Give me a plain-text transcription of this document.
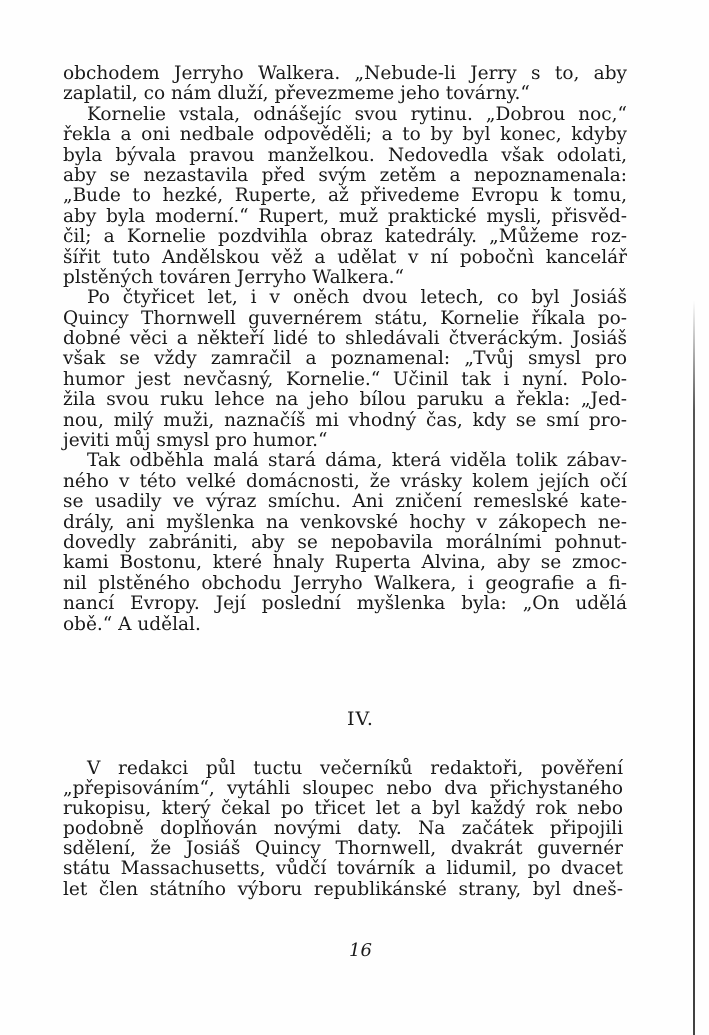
obchodem Jerryho Walkera. „Nebude-li Jerry s to, aby
zaplatil, co nám dluží, převezmeme jeho továrny.“
Kornelie vstala, odnášejíc svou rytinu. „Dobrou noc,“
řekla a oni nedbale odpověděli; a to by byl konec, kdyby
byla bývala pravou manželkou. Nedovedla však odolati,
aby se nezastavila před svým zetěm a nepoznamenala:
„Bude to hezké, Ruperte, až přivedeme Evropu k tomu,
aby byla moderní.“ Rupert, muž praktické mysli, přisvěd-
čil; a Kornelie pozdvihla obraz katedrály. „Můžeme roz-
šířit tuto Andělskou věž a udělat v ní pobočnì kancelář
plstěných továren Jerryho Walkera.“
Po čtyřicet let, i v oněch dvou letech, co byl Josiáš
Quincy Thornwell guvernérem státu, Kornelie říkala po-
dobné věci a někteří lidé to shledávali čtveráckým. Josiáš
však se vždy zamračil a poznamenal: „Tvůj smysl pro
humor jest nevčasný, Kornelie.“ Učinil tak i nyní. Polo-
žila svou ruku lehce na jeho bílou paruku a řekla: „Jed-
nou, milý muži, naznačíš mi vhodný čas, kdy se smí pro-
jeviti můj smysl pro humor.“
Tak odběhla malá stará dáma, která viděla tolik zábav-
ného v této velké domácnosti, že vrásky kolem jejích očí
se usadily ve výraz smíchu. Ani zničení remeslské kate-
drály, ani myšlenka na venkovské hochy v zákopech ne-
dovedly zabrániti, aby se nepobavila morálními pohnut-
kami Bostonu, které hnaly Ruperta Alvina, aby se zmoc-
nil plstěného obchodu Jerryho Walkera, i geografie a fi-
nancí Evropy. Její poslední myšlenka byla: „On udělá
obě.“ A udělal.
IV.
V redakci půl tuctu večerníků redaktoři, pověření
„přepisováním“, vytáhli sloupec nebo dva přichystaného
rukopisu, který čekal po třicet let a byl každý rok nebo
podobně doplňován novými daty. Na začátek připojili
sdělení, že Josiáš Quincy Thornwell, dvakrát guvernér
státu Massachusetts, vůdčí továrník a lidumil, po dvacet
let člen státního výboru republikánské strany, byl dneš-
16
